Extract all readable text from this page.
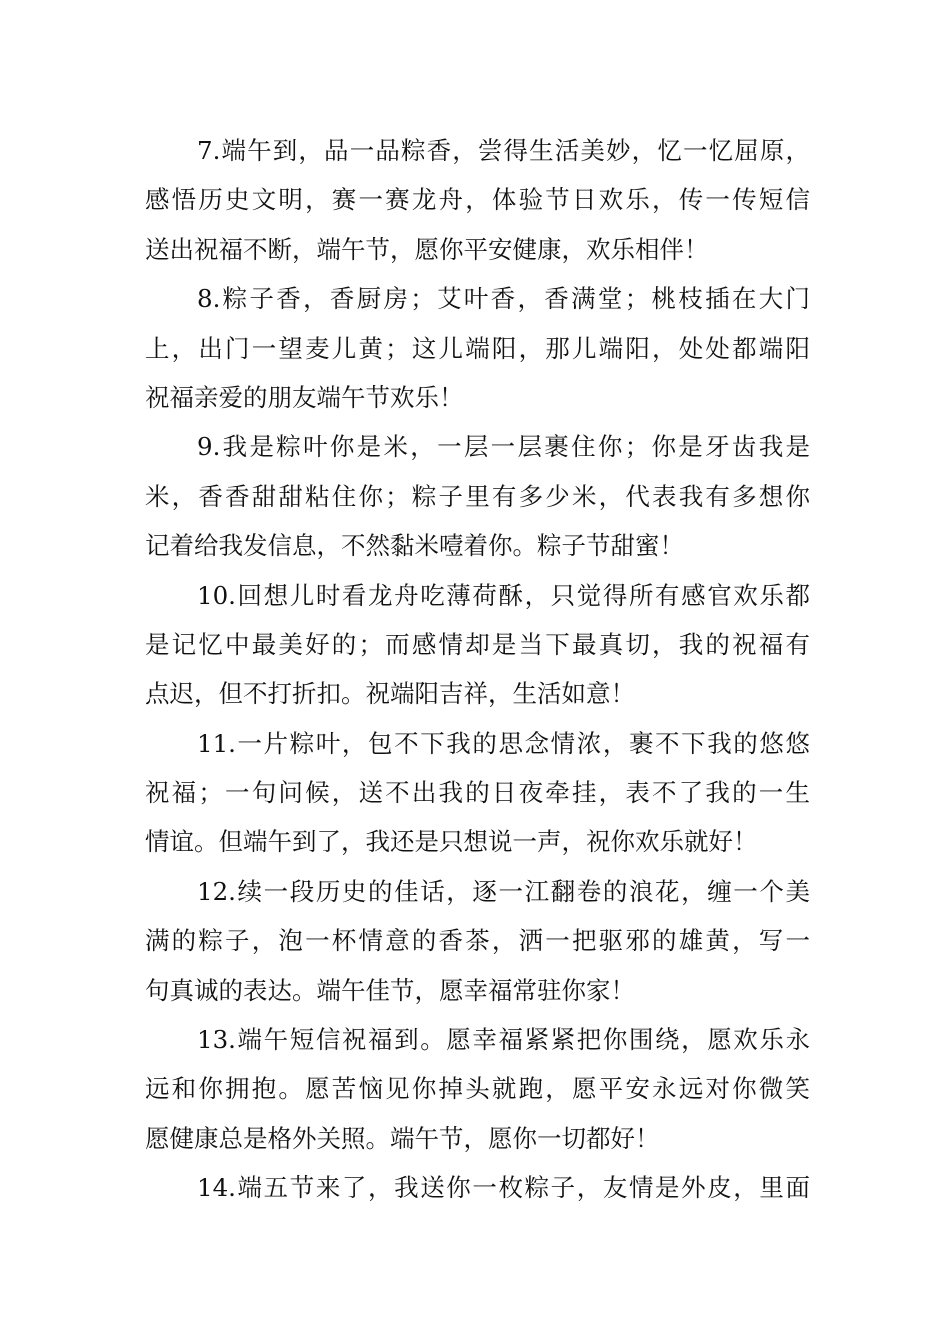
7.端午到，品一品粽香，尝得生活美妙，忆一忆屈原，
感悟历史文明，赛一赛龙舟，体验节日欢乐，传一传短信
送出祝福不断，端午节，愿你平安健康，欢乐相伴！
8.粽子香，香厨房；艾叶香，香满堂；桃枝插在大门
上，出门一望麦儿黄；这儿端阳，那儿端阳，处处都端阳
祝福亲爱的朋友端午节欢乐！
9.我是粽叶你是米，一层一层裹住你；你是牙齿我是
米，香香甜甜粘住你；粽子里有多少米，代表我有多想你
记着给我发信息，不然黏米噎着你。粽子节甜蜜！
10.回想儿时看龙舟吃薄荷酥，只觉得所有感官欢乐都
是记忆中最美好的；而感情却是当下最真切，我的祝福有
点迟，但不打折扣。祝端阳吉祥，生活如意！
11.一片粽叶，包不下我的思念情浓，裹不下我的悠悠
祝福；一句问候，送不出我的日夜牵挂，表不了我的一生
情谊。但端午到了，我还是只想说一声，祝你欢乐就好！
12.续一段历史的佳话，逐一江翻卷的浪花，缠一个美
满的粽子，泡一杯情意的香茶，洒一把驱邪的雄黄，写一
句真诚的表达。端午佳节，愿幸福常驻你家！
13.端午短信祝福到。愿幸福紧紧把你围绕，愿欢乐永
远和你拥抱。愿苦恼见你掉头就跑，愿平安永远对你微笑
愿健康总是格外关照。端午节，愿你一切都好！
14.端五节来了，我送你一枚粽子，友情是外皮，里面
